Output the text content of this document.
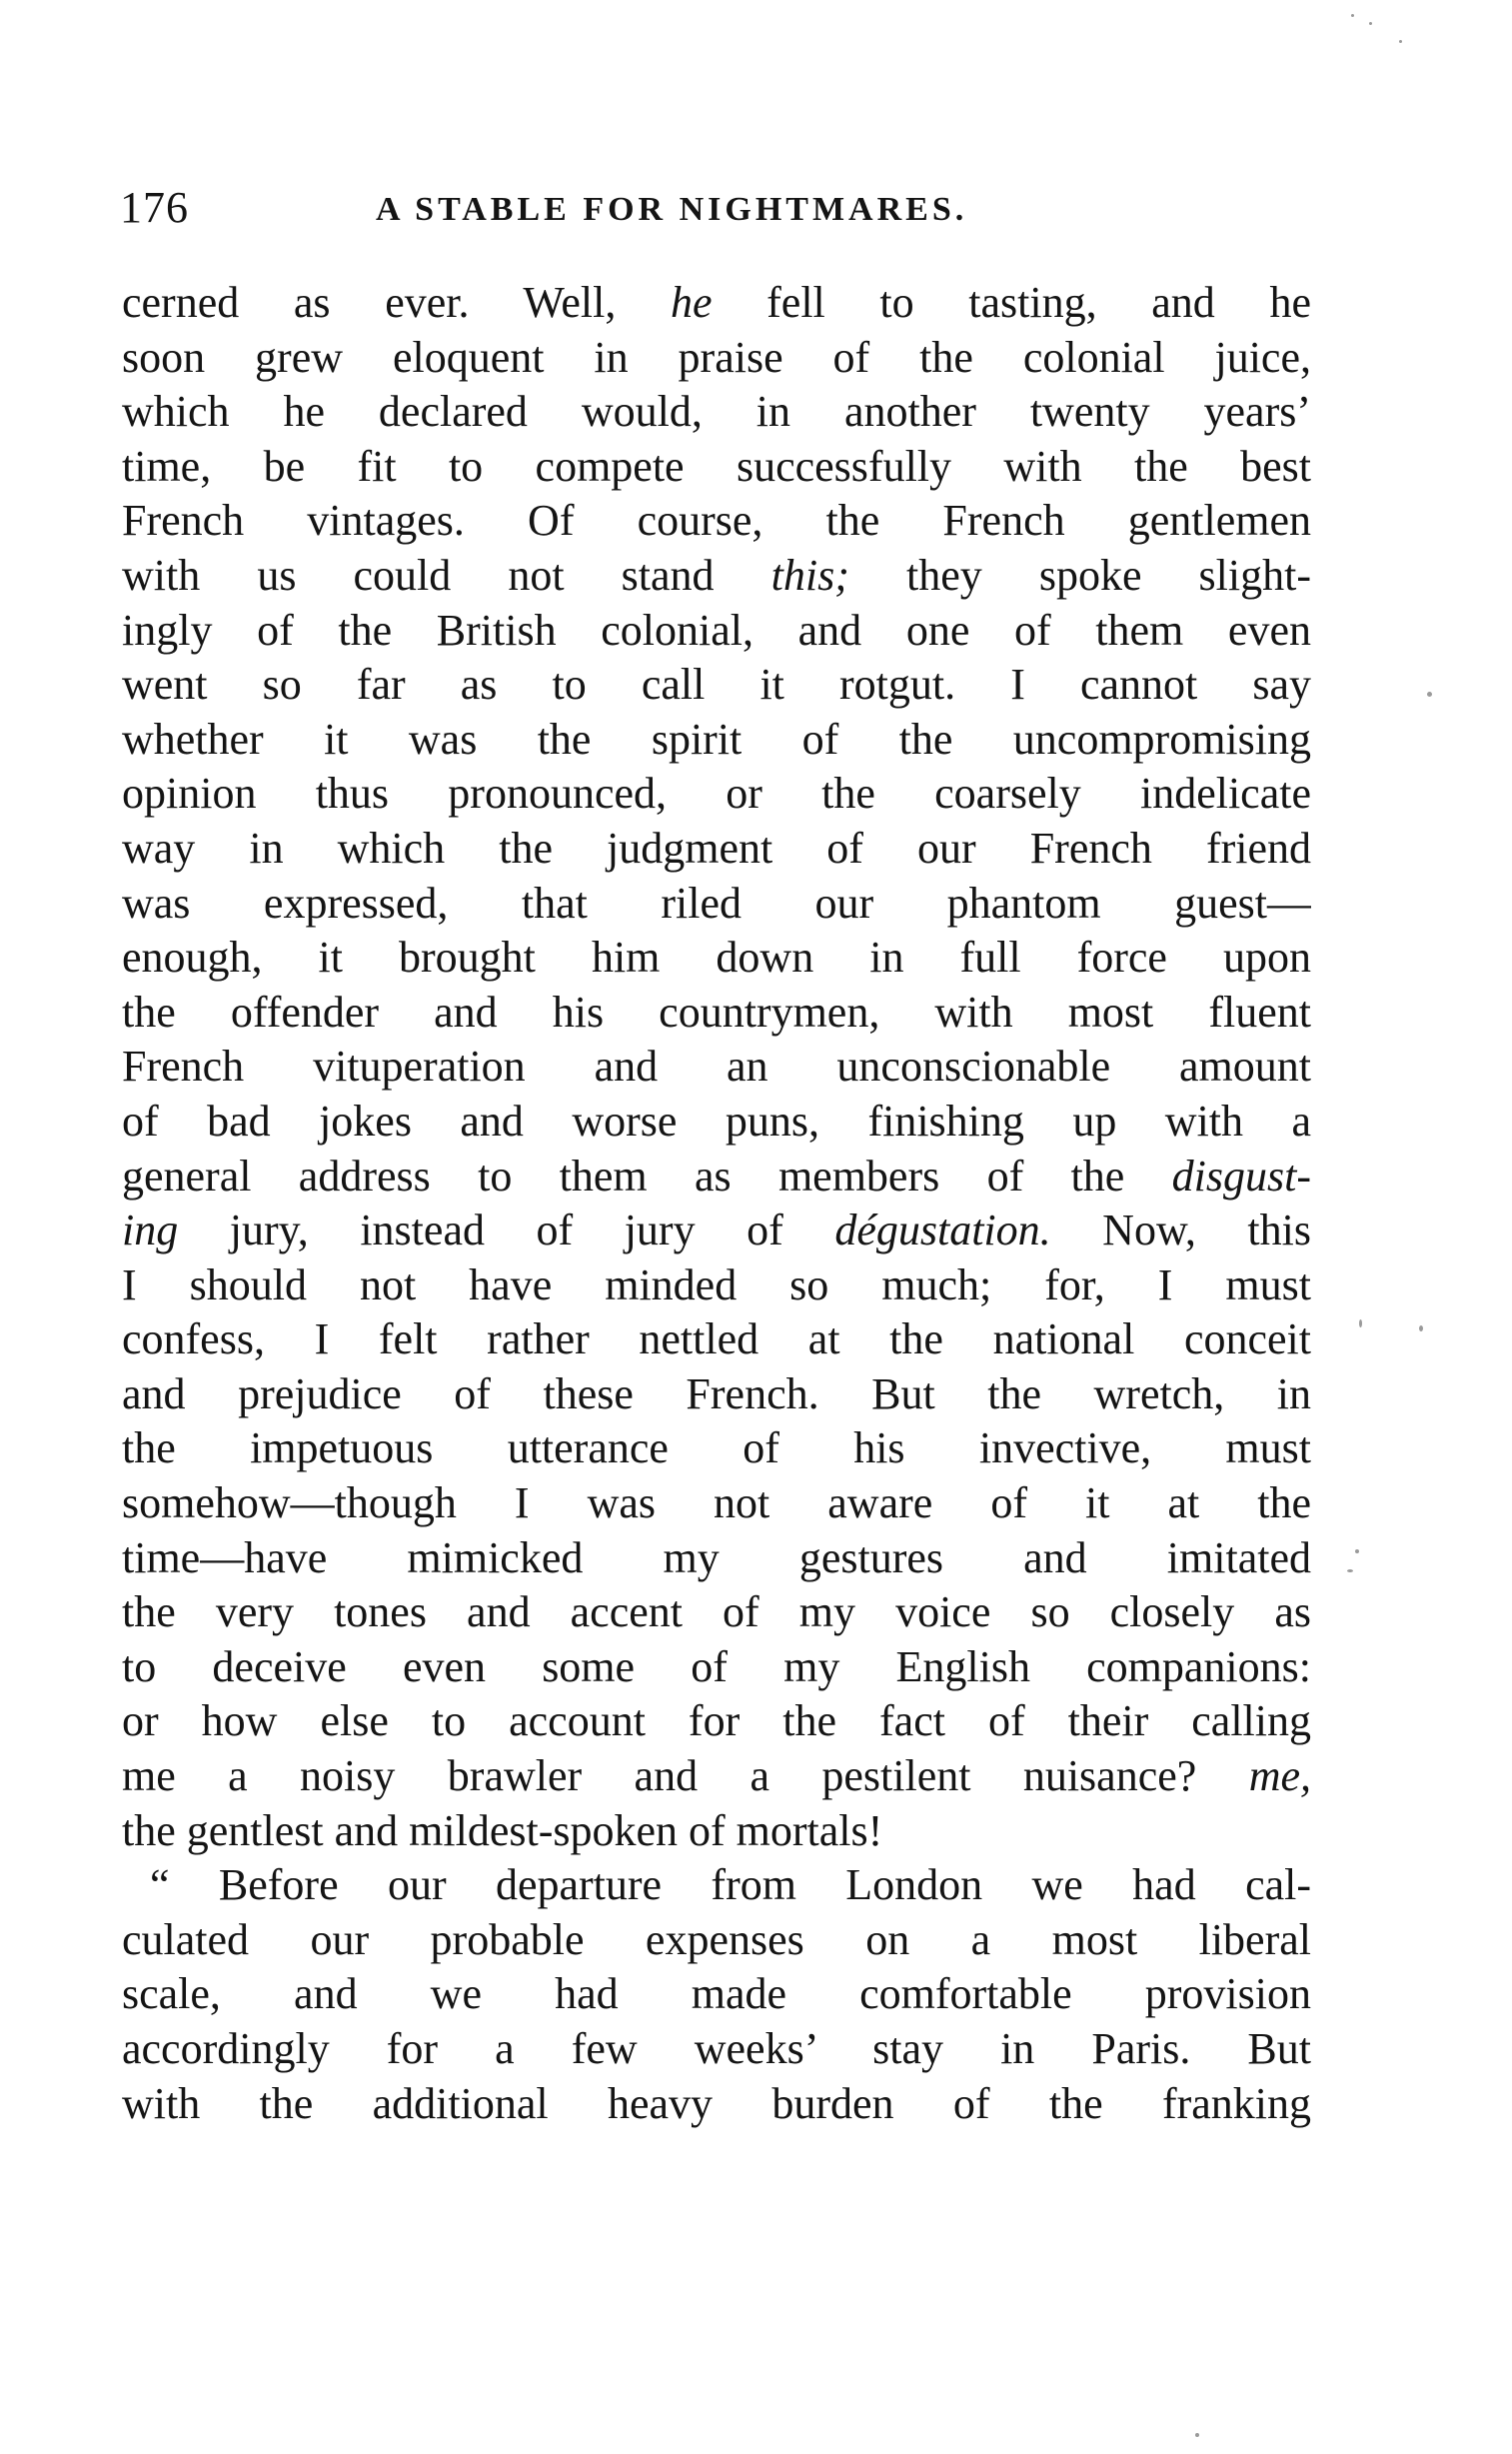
176	A STABLE FOR NIGHTMARES.
cerned as ever. Well, he fell to tasting, and he
soon grew eloquent in praise of the colonial juice,
which he declared would, in another twenty years’
time, be fit to compete successfully with the best
French vintages. Of course, the French gentlemen
with us could not stand this; they spoke slight-
ingly of the British colonial, and one of them even
went so far as to call it rotgut. I cannot say
whether it was the spirit of the uncompromising
opinion thus pronounced, or the coarsely indelicate
way in which the judgment of our French friend
was expressed, that riled our phantom guest—
enough, it brought him down in full force upon
the offender and his countrymen, with most fluent
French vituperation and an unconscionable amount
of bad jokes and worse puns, finishing up with a
general address to them as members of the disgust-
ing jury, instead of jury of dégustation. Now, this
I should not have minded so much; for, I must
confess, I felt rather nettled at the national conceit
and prejudice of these French. But the wretch, in
the impetuous utterance of his invective, must
somehow—though I was not aware of it at the
time—have mimicked my gestures and imitated
the very tones and accent of my voice so closely as
to deceive even some of my English companions:
or how else to account for the fact of their calling
me a noisy brawler and a pestilent nuisance? me,
the gentlest and mildest-spoken of mortals!
“ Before our departure from London we had cal-
culated our probable expenses on a most liberal
scale, and we had made comfortable provision
accordingly for a few weeks’ stay in Paris. But
with the additional heavy burden of the franking
